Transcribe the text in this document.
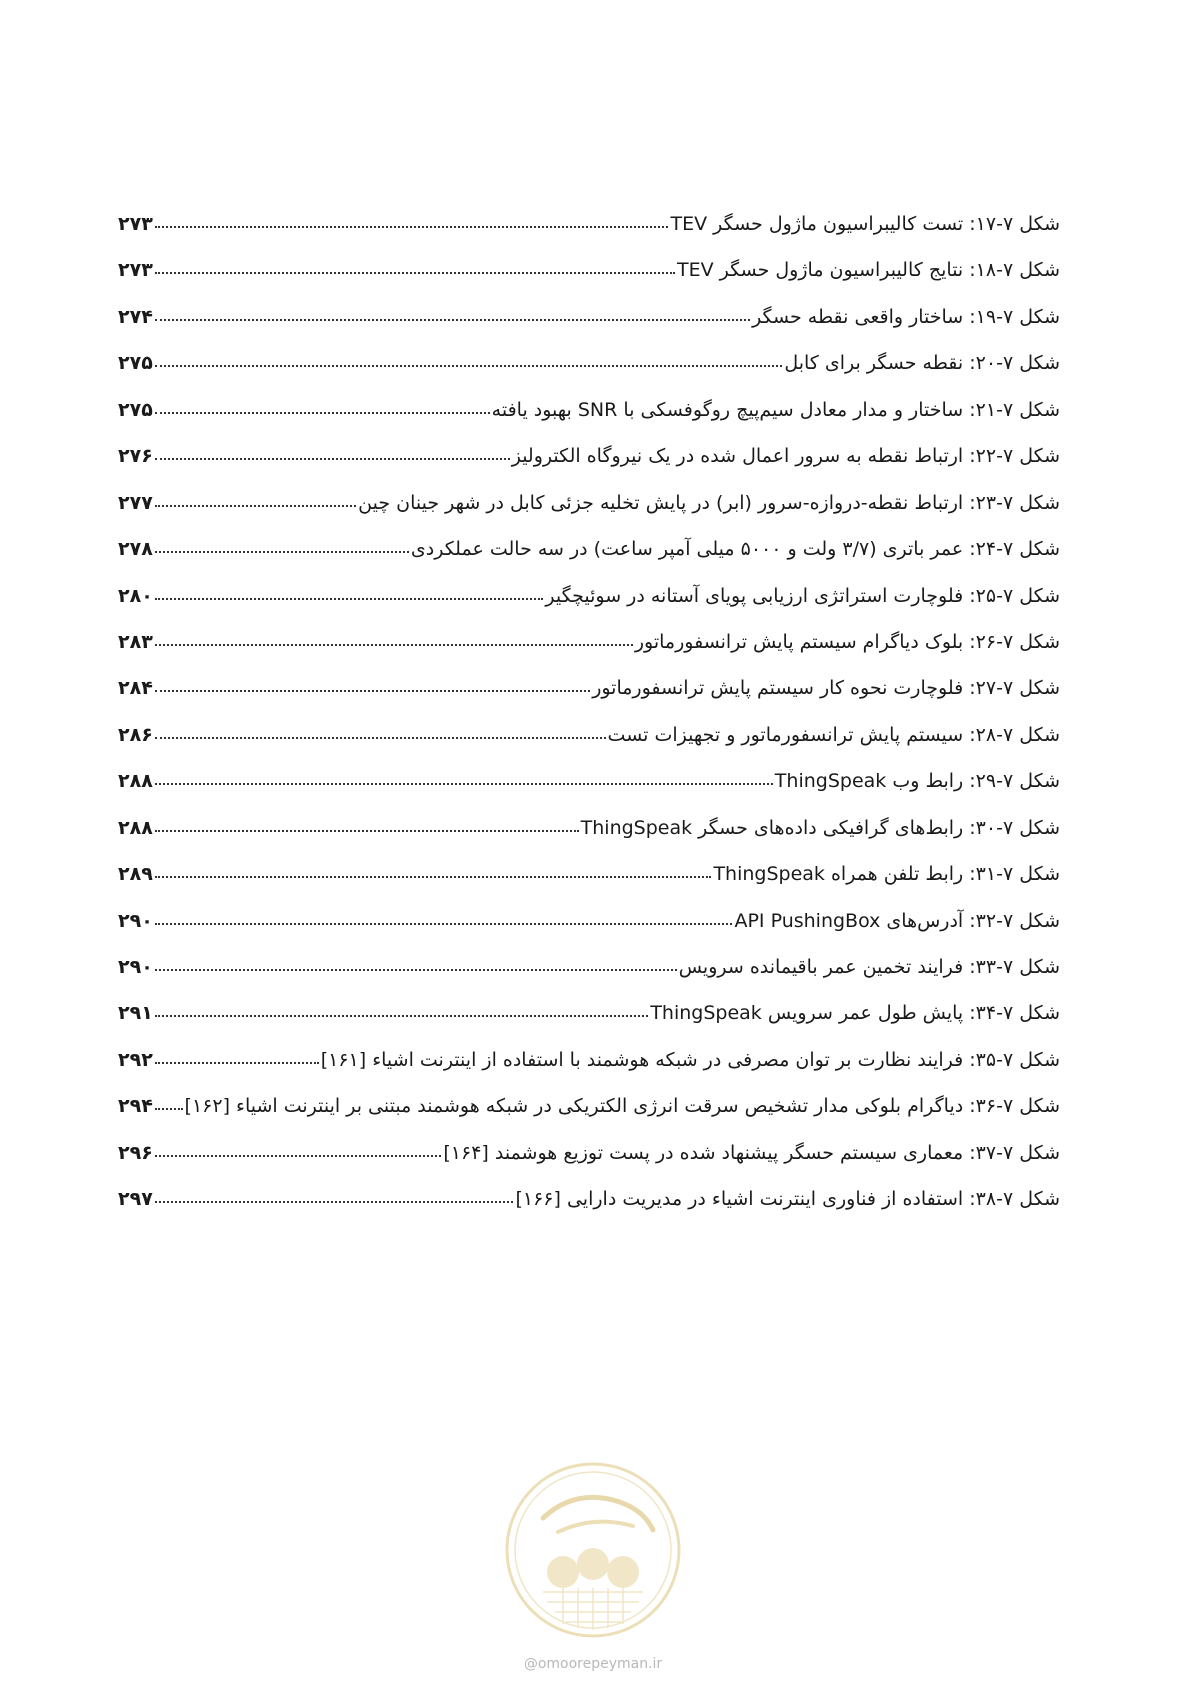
شکل ۷-۱۷: تست کالیبراسیون ماژول حسگر TEV
۲۷۳
شکل ۷-۱۸: نتایج کالیبراسیون ماژول حسگر TEV
۲۷۳
شکل ۷-۱۹: ساختار واقعی نقطه حسگر
۲۷۴
شکل ۷-۲۰: نقطه حسگر برای کابل
۲۷۵
شکل ۷-۲۱: ساختار و مدار معادل سیم‌پیچ روگوفسکی با SNR بهبود یافته
۲۷۵
شکل ۷-۲۲: ارتباط نقطه به سرور اعمال شده در یک نیروگاه الکترولیز
۲۷۶
شکل ۷-۲۳: ارتباط نقطه-دروازه-سرور (ابر) در پایش تخلیه جزئی کابل در شهر جینان چین
۲۷۷
شکل ۷-۲۴: عمر باتری (۳/۷ ولت و ۵۰۰۰ میلی آمپر ساعت) در سه حالت عملکردی
۲۷۸
شکل ۷-۲۵: فلوچارت استراتژی ارزیابی پویای آستانه در سوئیچگیر
۲۸۰
شکل ۷-۲۶: بلوک دیاگرام سیستم پایش ترانسفورماتور
۲۸۳
شکل ۷-۲۷: فلوچارت نحوه کار سیستم پایش ترانسفورماتور
۲۸۴
شکل ۷-۲۸: سیستم پایش ترانسفورماتور و تجهیزات تست
۲۸۶
شکل ۷-۲۹: رابط وب ThingSpeak
۲۸۸
شکل ۷-۳۰: رابط‌های گرافیکی داده‌های حسگر ThingSpeak
۲۸۸
شکل ۷-۳۱: رابط تلفن همراه ThingSpeak
۲۸۹
شکل ۷-۳۲: آدرس‌های API PushingBox
۲۹۰
شکل ۷-۳۳: فرایند تخمین عمر باقیمانده سرویس
۲۹۰
شکل ۷-۳۴: پایش طول عمر سرویس ThingSpeak
۲۹۱
شکل ۷-۳۵: فرایند نظارت بر توان مصرفی در شبکه هوشمند با استفاده از اینترنت اشیاء [۱۶۱]
۲۹۲
شکل ۷-۳۶: دیاگرام بلوکی مدار تشخیص سرقت انرژی الکتریکی در شبکه هوشمند مبتنی بر اینترنت اشیاء [۱۶۲]
۲۹۴
شکل ۷-۳۷: معماری سیستم حسگر پیشنهاد شده در پست توزیع هوشمند [۱۶۴]
۲۹۶
شکل ۷-۳۸: استفاده از فناوری اینترنت اشیاء در مدیریت دارایی [۱۶۶]
۲۹۷
@omoorepeyman.ir
